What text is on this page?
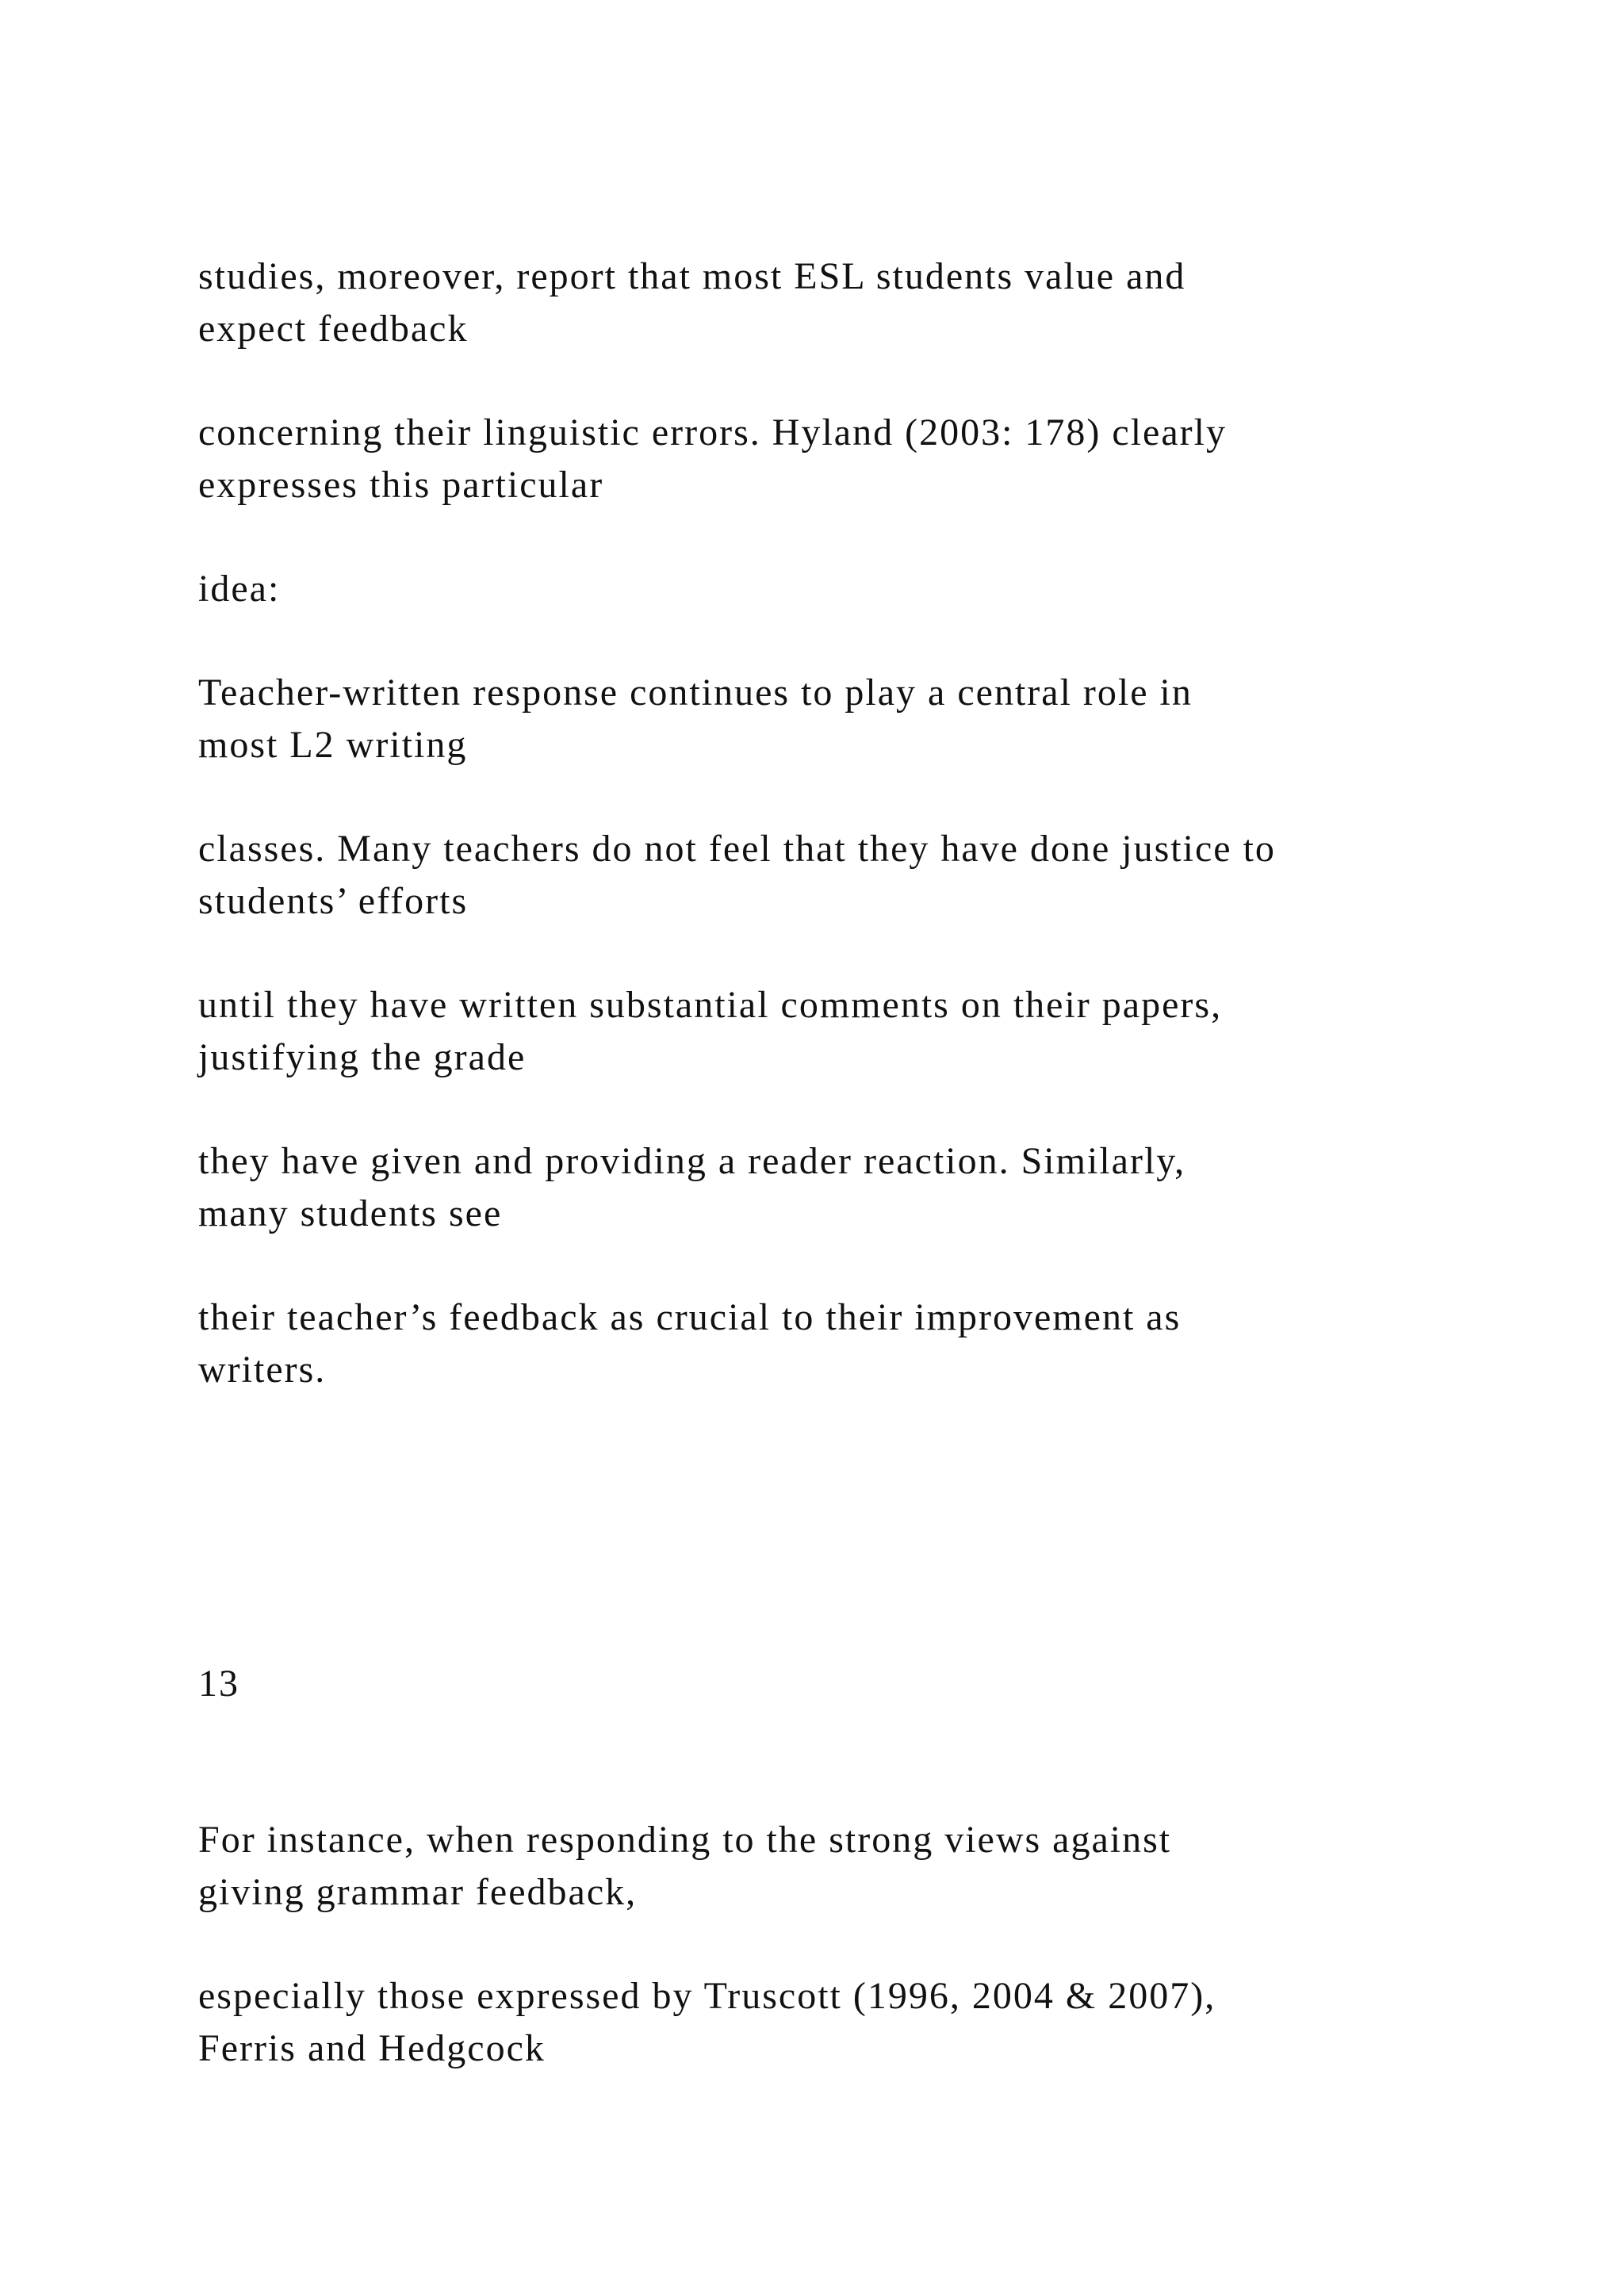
studies, moreover, report that most ESL students value and
expect feedback

concerning their linguistic errors. Hyland (2003: 178) clearly
expresses this particular

idea:

Teacher-written response continues to play a central role in
most L2 writing

classes. Many teachers do not feel that they have done justice to
students’ efforts

until they have written substantial comments on their papers,
justifying the grade

they have given and providing a reader reaction. Similarly,
many students see

their teacher’s feedback as crucial to their improvement as
writers.

13

For instance, when responding to the strong views against
giving grammar feedback,

especially those expressed by Truscott (1996, 2004 & 2007),
Ferris and Hedgcock
